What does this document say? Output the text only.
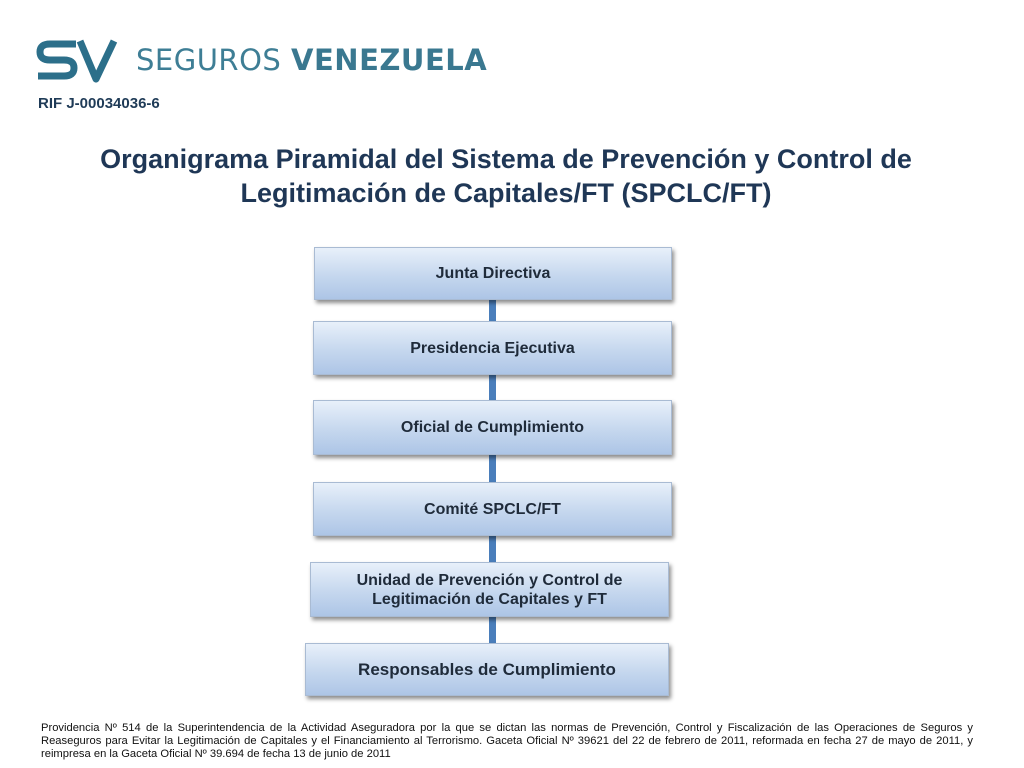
SEGUROS VENEZUELA
RIF J-00034036-6
Organigrama Piramidal del Sistema de Prevención y Control de Legitimación de Capitales/FT (SPCLC/FT)
Junta Directiva
Presidencia Ejecutiva
Oficial de Cumplimiento
Comité SPCLC/FT
Unidad de Prevención y Control de Legitimación de Capitales y FT
Responsables de Cumplimiento
Providencia Nº 514 de la Superintendencia de la Actividad Aseguradora por la que se dictan las normas de Prevención, Control y Fiscalización de las Operaciones de Seguros y Reaseguros para Evitar la Legitimación de Capitales y el Financiamiento al Terrorismo. Gaceta Oficial Nº 39621 del 22 de febrero de 2011, reformada en fecha 27 de mayo de 2011, y reimpresa en la Gaceta Oficial Nº 39.694 de fecha 13 de junio de 2011
